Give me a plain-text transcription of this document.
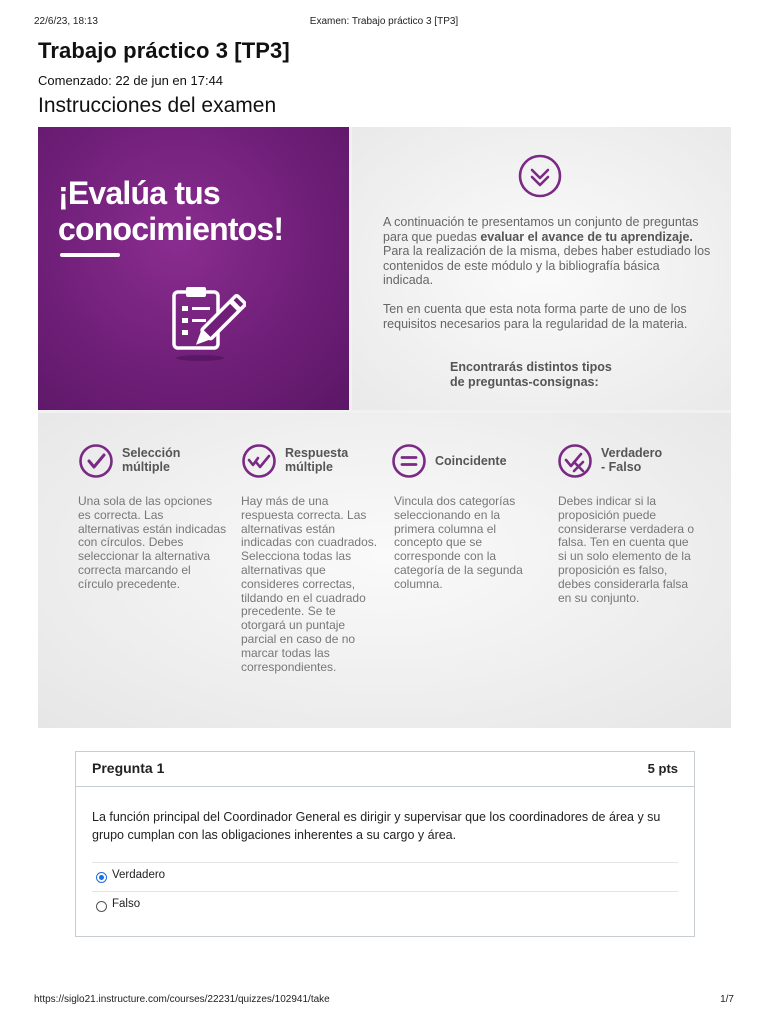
22/6/23, 18:13	Examen: Trabajo práctico 3 [TP3]
Trabajo práctico 3 [TP3]
Comenzado: 22 de jun en 17:44
Instrucciones del examen
¡Evalúa tus
conocimientos!	A continuación te presentamos un conjunto de preguntas para que puedas evaluar el avance de tu aprendizaje. Para la realización de la misma, debes haber estudiado los contenidos de este módulo y la bibliografía básica indicada.
Ten en cuenta que esta nota forma parte de uno de los requisitos necesarios para la regularidad de la materia.
Encontrarás distintos tipos
de preguntas-consignas:
Selección
múltiple
Una sola de las opciones es correcta. Las alternativas están indicadas con círculos. Debes seleccionar la alternativa correcta marcando el círculo precedente.
Respuesta
múltiple
Hay más de una respuesta correcta. Las alternativas están indicadas con cuadrados. Selecciona todas las alternativas que consideres correctas, tildando en el cuadrado precedente. Se te otorgará un puntaje parcial en caso de no marcar todas las correspondientes.
Coincidente
Vincula dos categorías seleccionando en la primera columna el concepto que se corresponde con la categoría de la segunda columna.
Verdadero
- Falso
Debes indicar si la proposición puede considerarse verdadera o falsa. Ten en cuenta que si un solo elemento de la proposición es falso, debes considerarla falsa en su conjunto.
Pregunta 1	5 pts
La función principal del Coordinador General es dirigir y supervisar que los coordinadores de área y su grupo cumplan con las obligaciones inherentes a su cargo y área.
Verdadero
Falso
https://siglo21.instructure.com/courses/22231/quizzes/102941/take	1/7
